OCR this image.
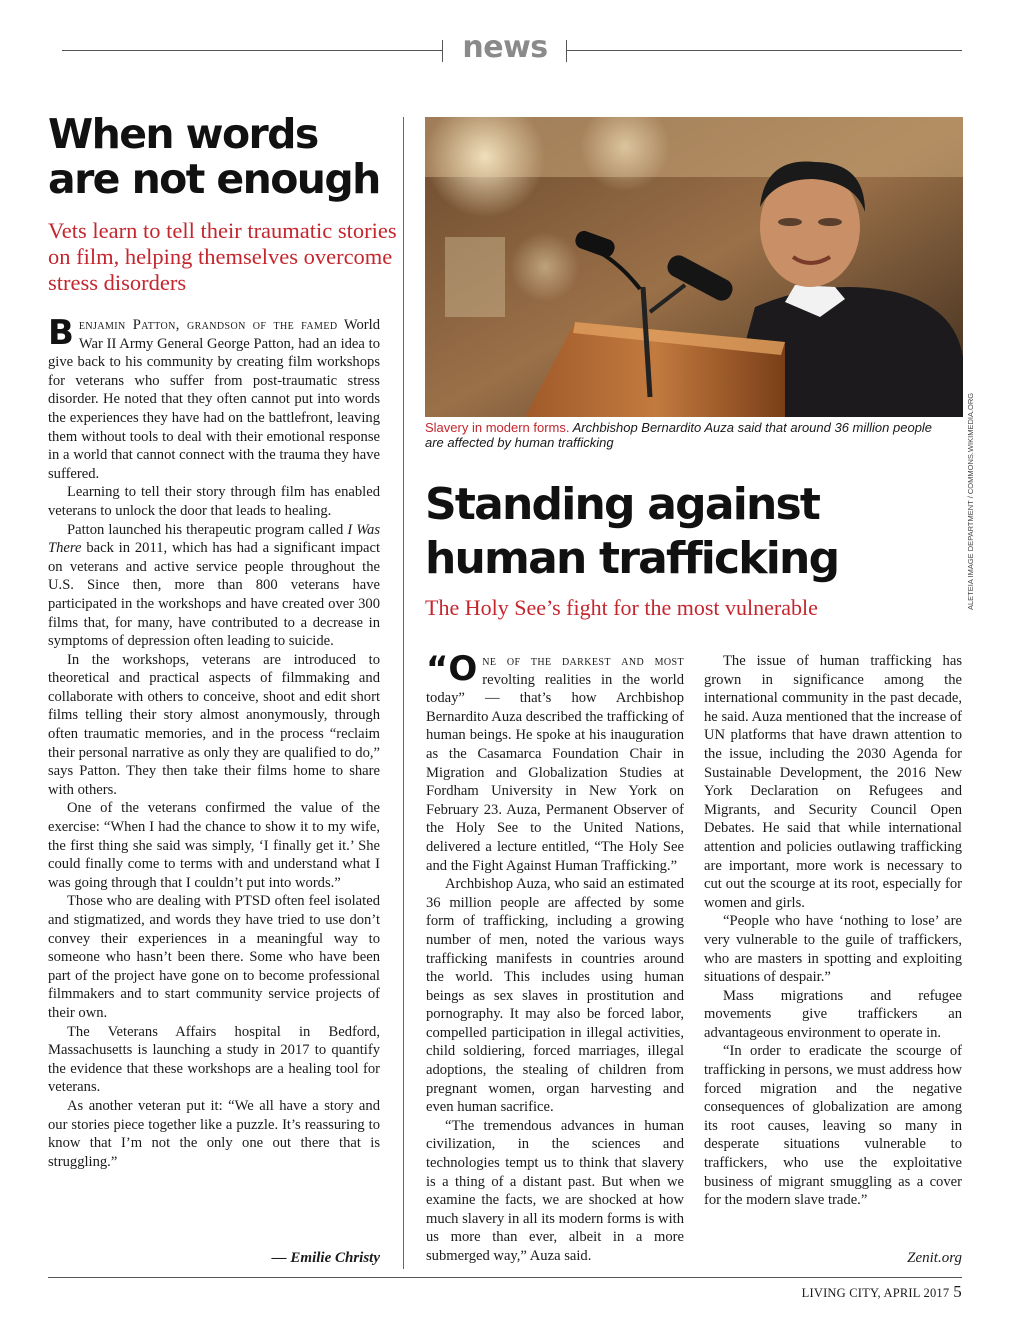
news
When words
are not enough
Vets learn to tell their traumatic stories on film, helping themselves overcome stress disorders

Benjamin Patton, grandson of the famed World War II Army General George Patton, had an idea to give back to his community by creating film workshops for veterans who suffer from post-traumatic stress disorder. He noted that they often cannot put into words the experiences they have had on the battlefront, leaving them without tools to deal with their emotional response in a world that cannot connect with the trauma they have suffered.

Learning to tell their story through film has enabled veterans to unlock the door that leads to healing.

Patton launched his therapeutic program called I Was There back in 2011, which has had a significant impact on veterans and active service people throughout the U.S. Since then, more than 800 veterans have participated in the workshops and have created over 300 films that, for many, have contributed to a decrease in symptoms of depression often leading to suicide.

In the workshops, veterans are introduced to theoretical and practical aspects of filmmaking and collaborate with others to conceive, shoot and edit short films telling their story almost anonymously, through often traumatic memories, and in the process “reclaim their personal narrative as only they are qualified to do,” says Patton. They then take their films home to share with others.

One of the veterans confirmed the value of the exercise: “When I had the chance to show it to my wife, the first thing she said was simply, ‘I finally get it.’ She could finally come to terms with and understand what I was going through that I couldn’t put into words.”

Those who are dealing with PTSD often feel isolated and stigmatized, and words they have tried to use don’t convey their experiences in a meaningful way to someone who hasn’t been there. Some who have been part of the project have gone on to become professional filmmakers and to start community service projects of their own.

The Veterans Affairs hospital in Bedford, Massachusetts is launching a study in 2017 to quantify the evidence that these workshops are a healing tool for veterans.

As another veteran put it: “We all have a story and our stories piece together like a puzzle. It’s reassuring to know that I’m not the only one out there that is struggling.”

— Emilie Christy
ALETEIA IMAGE DEPARTMENT / COMMONS.WIKIMEDIA.ORG
Slavery in modern forms. Archbishop Bernardito Auza said that around 36 million people are affected by human trafficking
Standing against
human trafficking
The Holy See’s fight for the most vulnerable

“One of the darkest and most revolting realities in the world today” — that’s how Archbishop Bernardito Auza described the trafficking of human beings. He spoke at his inauguration as the Casamarca Foundation Chair in Migration and Globalization Studies at Fordham University in New York on February 23. Auza, Permanent Observer of the Holy See to the United Nations, delivered a lecture entitled, “The Holy See and the Fight Against Human Trafficking.”

Archbishop Auza, who said an estimated 36 million people are affected by some form of trafficking, including a growing number of men, noted the various ways trafficking manifests in countries around the world. This includes using human beings as sex slaves in prostitution and pornography. It may also be forced labor, compelled participation in illegal activities, child soldiering, forced marriages, illegal adoptions, the stealing of children from pregnant women, organ harvesting and even human sacrifice.

“The tremendous advances in human civilization, in the sciences and technologies tempt us to think that slavery is a thing of a distant past. But when we examine the facts, we are shocked at how much slavery in all its modern forms is with us more than ever, albeit in a more submerged way,” Auza said.

The issue of human trafficking has grown in significance among the international community in the past decade, he said. Auza mentioned that the increase of UN platforms that have drawn attention to the issue, including the 2030 Agenda for Sustainable Development, the 2016 New York Declaration on Refugees and Migrants, and Security Council Open Debates. He said that while international attention and policies outlawing trafficking are important, more work is necessary to cut out the scourge at its root, especially for women and girls.

“People who have ‘nothing to lose’ are very vulnerable to the guile of traffickers, who are masters in spotting and exploiting situations of despair.”

Mass migrations and refugee movements give traffickers an advantageous environment to operate in.

“In order to eradicate the scourge of trafficking in persons, we must address how forced migration and the negative consequences of globalization are among its root causes, leaving so many in desperate situations vulnerable to traffickers, who use the exploitative business of migrant smuggling as a cover for the modern slave trade.”

Zenit.org
LIVING CITY, APRIL 2017 5
